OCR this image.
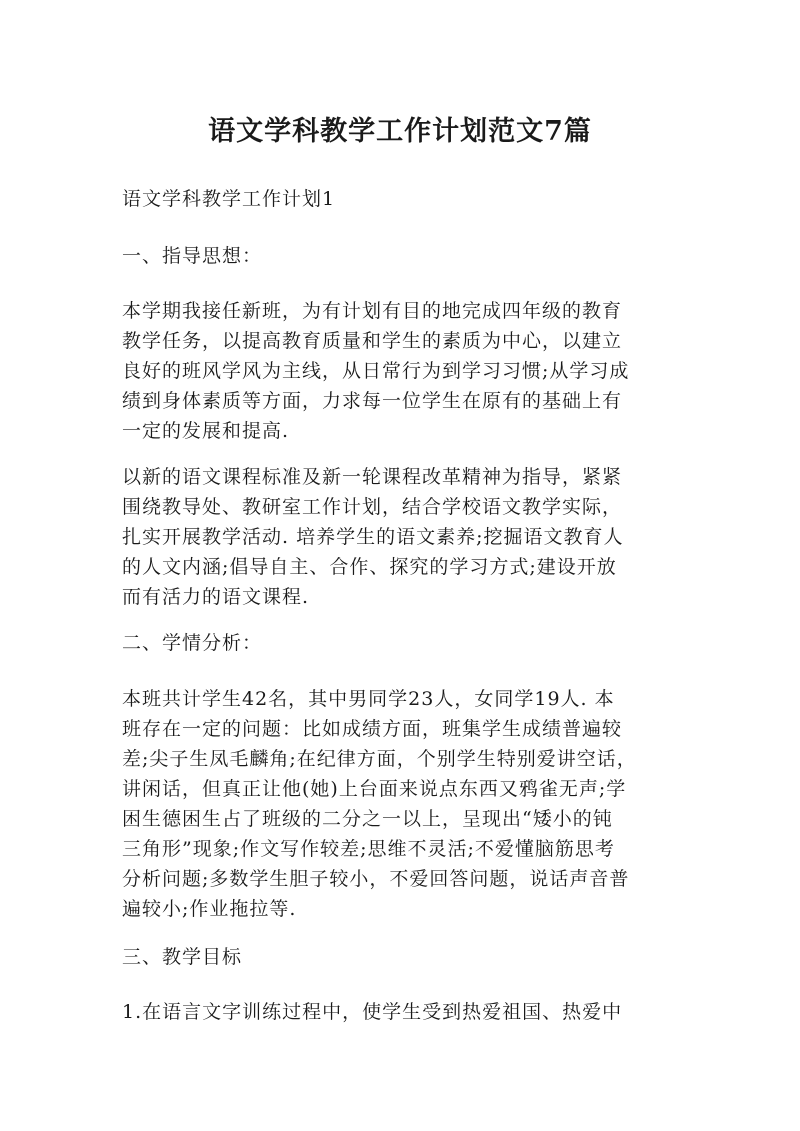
语文学科教学工作计划范文7篇

语文学科教学工作计划1

一、指导思想：

本学期我接任新班，为有计划有目的地完成四年级的教育
教学任务，以提高教育质量和学生的素质为中心，以建立
良好的班风学风为主线，从日常行为到学习习惯;从学习成
绩到身体素质等方面，力求每一位学生在原有的基础上有
一定的发展和提高.
以新的语文课程标准及新一轮课程改革精神为指导，紧紧
围绕教导处、教研室工作计划，结合学校语文教学实际，
扎实开展教学活动. 培养学生的语文素养;挖掘语文教育人
的人文内涵;倡导自主、合作、探究的学习方式;建设开放
而有活力的语文课程.

二、学情分析：

本班共计学生42名，其中男同学23人，女同学19人. 本
班存在一定的问题：比如成绩方面，班集学生成绩普遍较
差;尖子生凤毛麟角;在纪律方面，个别学生特别爱讲空话，
讲闲话，但真正让他(她)上台面来说点东西又鸦雀无声;学
困生德困生占了班级的二分之一以上，呈现出“矮小的钝
三角形”现象;作文写作较差;思维不灵活;不爱懂脑筋思考
分析问题;多数学生胆子较小，不爱回答问题，说话声音普
遍较小;作业拖拉等.

三、教学目标

1.在语言文字训练过程中，使学生受到热爱祖国、热爱中
